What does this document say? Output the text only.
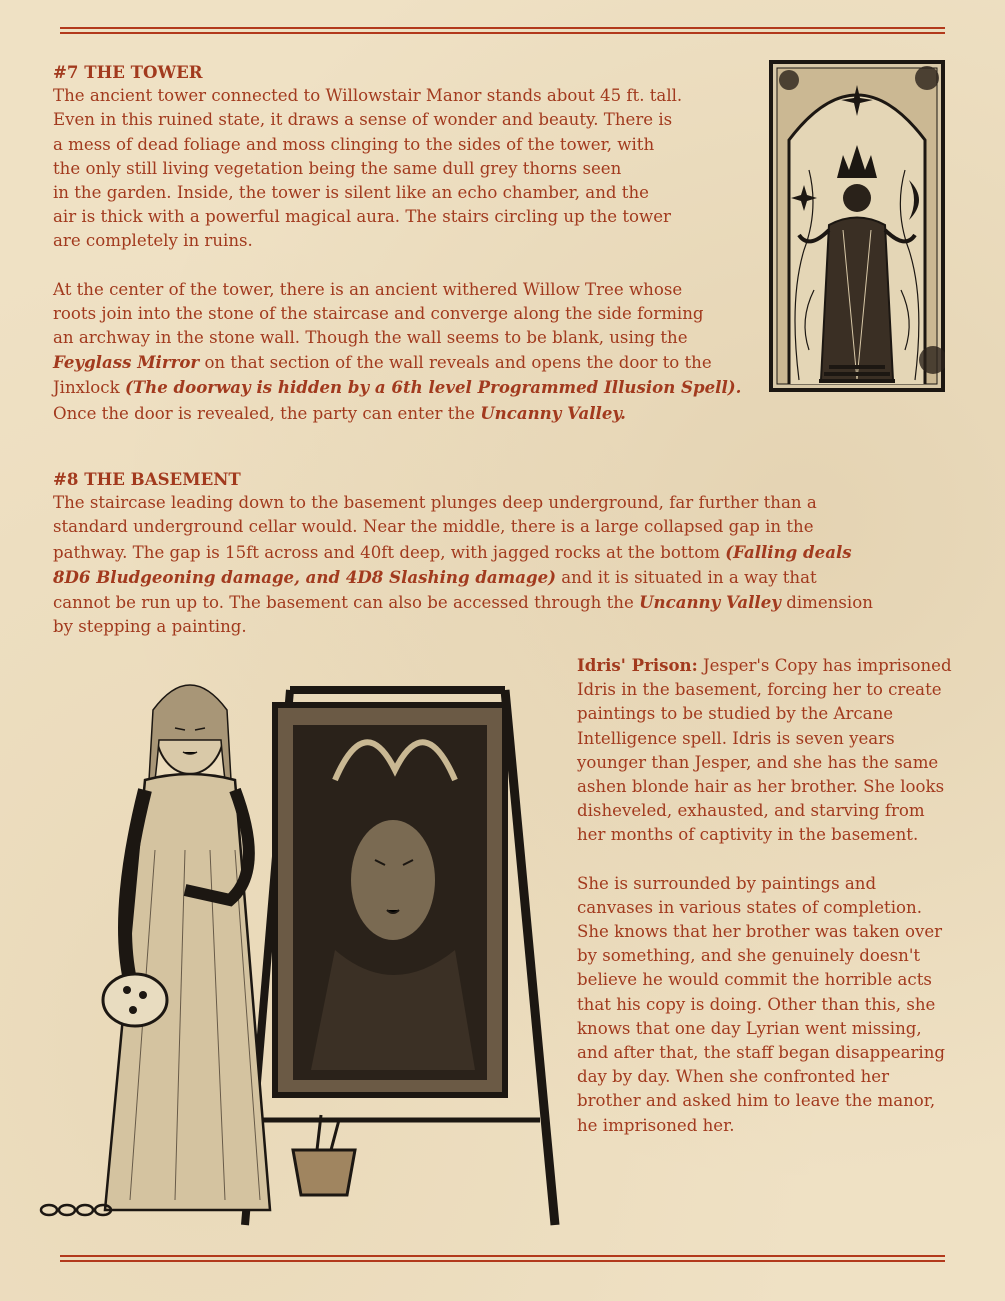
#7 THE TOWER

The ancient tower connected to Willowstair Manor stands about 45 ft. tall.

Even in this ruined state, it draws a sense of wonder and beauty. There is

a mess of dead foliage and moss clinging to the sides of the tower, with

the only still living vegetation being the same dull grey thorns seen

in the garden. Inside, the tower is silent like an echo chamber, and the

air is thick with a powerful magical aura. The stairs circling up the tower

are completely in ruins.

At the center of the tower, there is an ancient withered Willow Tree whose

roots join into the stone of the staircase and converge along the side forming

an archway in the stone wall. Though the wall seems to be blank, using the

Feyglass Mirror on that section of the wall reveals and opens the door to the

Jinxlock (The doorway is hidden by a 6th level Programmed Illusion Spell).

Once the door is revealed, the party can enter the Uncanny Valley.

#8 THE BASEMENT

The staircase leading down to the basement plunges deep underground, far further than a

standard underground cellar would. Near the middle, there is a large collapsed gap in the

pathway. The gap is 15ft across and 40ft deep, with jagged rocks at the bottom (Falling deals

8D6 Bludgeoning damage, and 4D8 Slashing damage) and it is situated in a way that

cannot be run up to. The basement can also be accessed through the Uncanny Valley dimension

by stepping a painting.

Idris' Prison: Jesper's Copy has imprisoned

Idris in the basement, forcing her to create

paintings to be studied by the Arcane

Intelligence spell. Idris is seven years

younger than Jesper, and she has the same

ashen blonde hair as her brother. She looks

disheveled, exhausted, and starving from

her months of captivity in the basement.

She is surrounded by paintings and

canvases in various states of completion.

She knows that her brother was taken over

by something, and she genuinely doesn't

believe he would commit the horrible acts

that his copy is doing. Other than this, she

knows that one day Lyrian went missing,

and after that, the staff began disappearing

day by day. When she confronted her

brother and asked him to leave the manor,

he imprisoned her.
